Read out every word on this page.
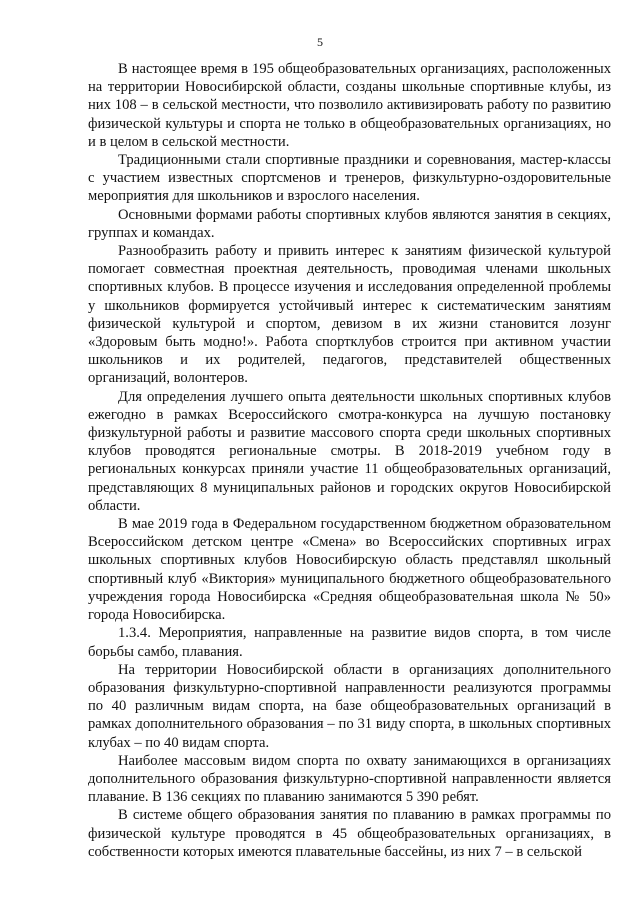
5

В настоящее время в 195 общеобразовательных организациях, расположенных на территории Новосибирской области, созданы школьные спортивные клубы, из них 108 – в сельской местности, что позволило активизировать работу по развитию физической культуры и спорта не только в общеобразовательных организациях, но и в целом в сельской местности.

Традиционными стали спортивные праздники и соревнования, мастер-классы с участием известных спортсменов и тренеров, физкультурно-оздоровительные мероприятия для школьников и взрослого населения.

Основными формами работы спортивных клубов являются занятия в секциях, группах и командах.

Разнообразить работу и привить интерес к занятиям физической культурой помогает совместная проектная деятельность, проводимая членами школьных спортивных клубов. В процессе изучения и исследования определенной проблемы у школьников формируется устойчивый интерес к систематическим занятиям физической культурой и спортом, девизом в их жизни становится лозунг «Здоровым быть модно!». Работа спортклубов строится при активном участии школьников и их родителей, педагогов, представителей общественных организаций, волонтеров.

Для определения лучшего опыта деятельности школьных спортивных клубов ежегодно в рамках Всероссийского смотра-конкурса на лучшую постановку физкультурной работы и развитие массового спорта среди школьных спортивных клубов проводятся региональные смотры. В 2018-2019 учебном году в региональных конкурсах приняли участие 11 общеобразовательных организаций, представляющих 8 муниципальных районов и городских округов Новосибирской области.

В мае 2019 года в Федеральном государственном бюджетном образовательном Всероссийском детском центре «Смена» во Всероссийских спортивных играх школьных спортивных клубов Новосибирскую область представлял школьный спортивный клуб «Виктория» муниципального бюджетного общеобразовательного учреждения города Новосибирска «Средняя общеобразовательная школа № 50» города Новосибирска.

1.3.4. Мероприятия, направленные на развитие видов спорта, в том числе борьбы самбо, плавания.

На территории Новосибирской области в организациях дополнительного образования физкультурно-спортивной направленности реализуются программы по 40 различным видам спорта, на базе общеобразовательных организаций в рамках дополнительного образования – по 31 виду спорта, в школьных спортивных клубах – по 40 видам спорта.

Наиболее массовым видом спорта по охвату занимающихся в организациях дополнительного образования физкультурно-спортивной направленности является плавание. В 136 секциях по плаванию занимаются 5 390 ребят.

В системе общего образования занятия по плаванию в рамках программы по физической культуре проводятся в 45 общеобразовательных организациях, в собственности которых имеются плавательные бассейны, из них 7 – в сельской
